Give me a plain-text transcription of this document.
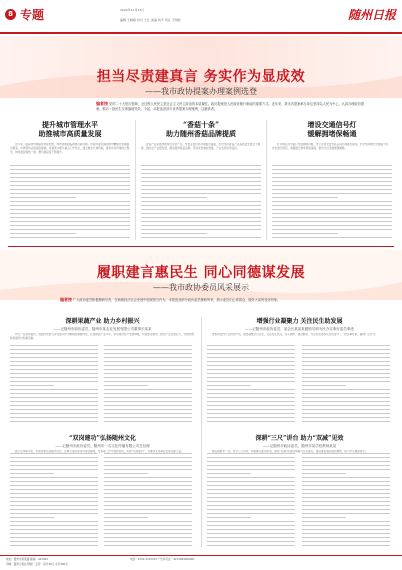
8 专题	2022年11月23日
编辑 王晓峰 校对 王红 美编 刘平 责任 王明皓	随州日报
担当尽责建真言 务实作为显成效
——我市政协提案办理案例选登
编者按 党的二十大报告强调，全过程人民民主是社会主义民主政治的本质属性。政协提案是人民政协履行职能的重要方式。近年来，我市各提案承办单位坚持以人民为中心，认真办理政协提案，推动一批民生实事落地见效。今起，本报选登部分优秀提案办理案例，以飨读者。
提升城市管理水平
助推城市高质量发展
“香菇十条”
助力随州香菇品牌提质
增设交通信号灯
缓解拥堵保畅通

近年来，随着我市城镇化进程加快，城市管理面临新情况新问题。市政协委员围绕城市精细化管理提出提案，市城管执法局高度重视，将提案办理与重点工作结合，建立健全长效机制，推进市容环境综合整治，城市面貌焕然一新，群众满意度不断提升。

香菇产业是随州的特色优势产业。市农业农村局办理委员提案，出台支持香菇产业高质量发展若干措施，推动全产业链发展，擦亮随州香菇品牌，带动农民增收致富，产业发展态势良好。

针对城区部分路口交通拥堵问题，市公安局交警支队认真办理委员提案，科学规划增设交通信号灯，优化通行组织，道路通行效率明显提高，群众出行更加便捷顺畅。

履职建言惠民生 同心同德谋发展
——我市政协委员风采展示
编者按 广大政协委员积极履职尽责，在助推经济社会发展中展现担当作为。本报选登部分政协委员履职风采，展示委员们心系群众、服务大局的良好形象。
深耕果蔬产业 助力乡村振兴
——记随州市政协委员、随州市某农业发展有限公司董事长某某

作为一名政协委员，他始终把助力乡村振兴作为履职的重要内容，扎根果蔬产业多年，带动周边农户发展种植，积极建言献策，推动产业发展壮大，为群众增收致富作出积极贡献。

增强行业凝聚力 关注民生助发展
——记随州市政协委员、某会长某某某履职尽职为民办实事好委员事迹

他积极发挥行业协会作用，团结凝聚会员企业，关注民生热点，深入调研、建言献策，为企业发展和民生改善办了一批实事好事，赢得广泛好评。

“双岗建功”弘扬随州文化
——记随州市政协委员、随州市一名文化传播有限公司总经理

她立足本职岗位，积极传承弘扬随州文化，在履行委员职责中建言献策，在本职工作中创新创优，实现“双岗建功”，为推动文化事业发展贡献力量。

深耕“三尺”讲台 助力“双减”见效
——记随州市政协委员、随州市某学校教师某某

她扎根教育一线，坚守三尺讲台，积极履行委员职责，围绕“双减”政策落地提出意见建议，推动课后服务提质增效，助力学生健康成长。

地址：随州市某某路 邮编：441300	电话：0722-3333333 广告许可证：4213004000001
印刷：随州日报社印刷厂 定价：每月30元 全年360元
